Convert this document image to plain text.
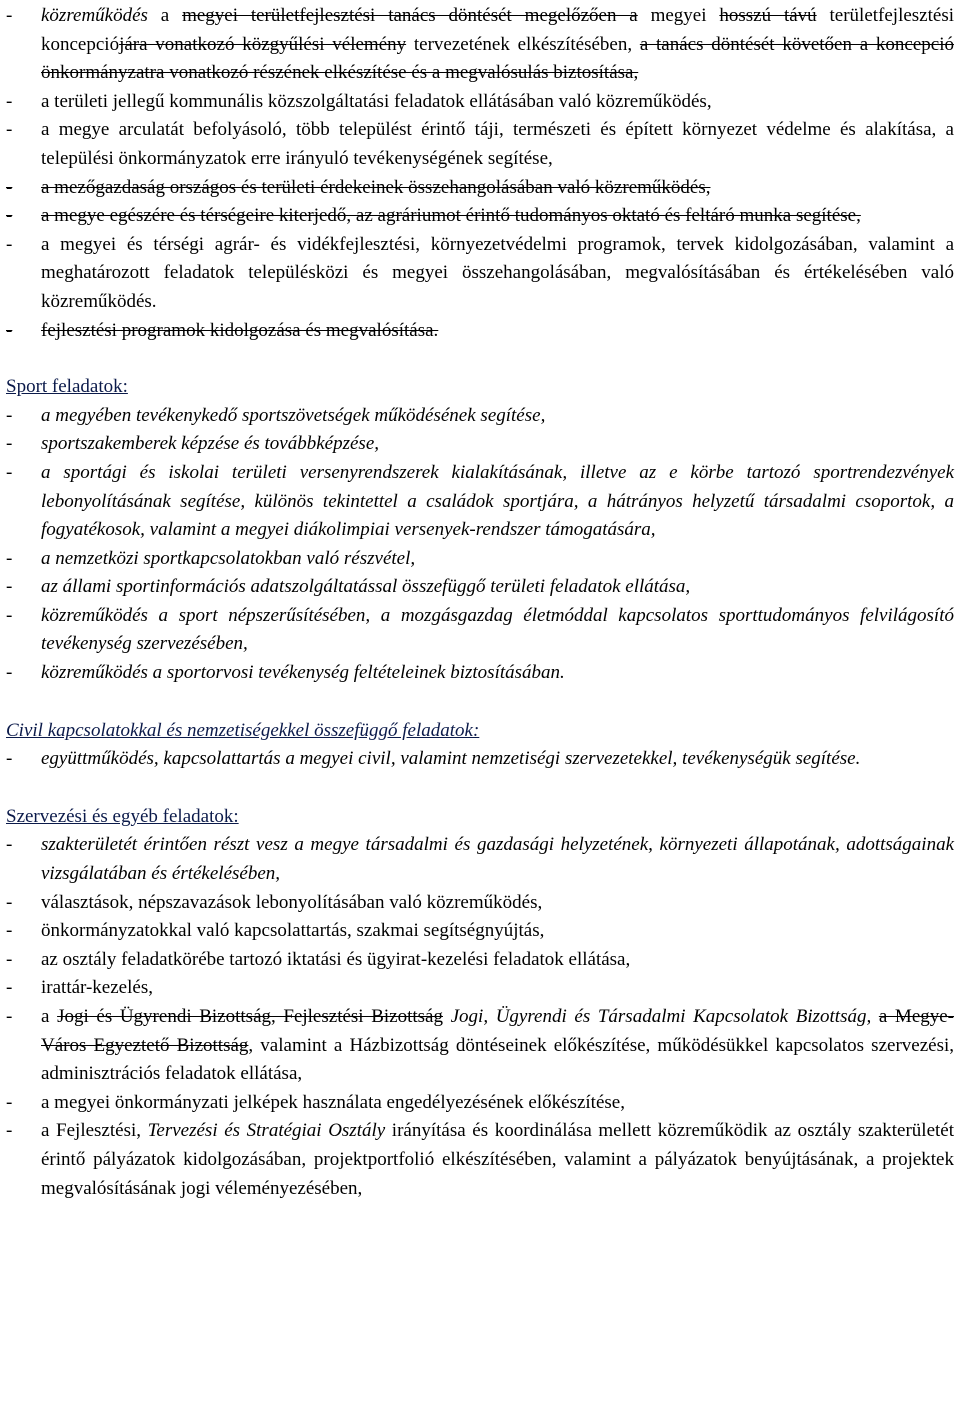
- közreműködés a megyei területfejlesztési tanács döntését megelőzően a megyei hosszú távú területfejlesztési koncepciójára vonatkozó közgyűlési vélemény tervezetének elkészítésében, a tanács döntését követően a koncepció önkormányzatra vonatkozó részének elkészítése és a megvalósulás biztosítása,

- a területi jellegű kommunális közszolgáltatási feladatok ellátásában való közreműködés,

- a megye arculatát befolyásoló, több települést érintő táji, természeti és épített környezet védelme és alakítása, a települési önkormányzatok erre irányuló tevékenységének segítése,

- a mezőgazdaság országos és területi érdekeinek összehangolásában való közreműködés,

- a megye egészére és térségeire kiterjedő, az agráriumot érintő tudományos oktató és feltáró munka segítése,

- a megyei és térségi agrár- és vidékfejlesztési, környezetvédelmi programok, tervek kidolgozásában, valamint a meghatározott feladatok településközi és megyei összehangolásában, megvalósításában és értékelésében való közreműködés.

- fejlesztési programok kidolgozása és megvalósítása.

Sport feladatok:

- a megyében tevékenykedő sportszövetségek működésének segítése,

- sportszakemberek képzése és továbbképzése,

- a sportági és iskolai területi versenyrendszerek kialakításának, illetve az e körbe tartozó sportrendezvények lebonyolításának segítése, különös tekintettel a családok sportjára, a hátrányos helyzetű társadalmi csoportok, a fogyatékosok, valamint a megyei diákolimpiai versenyek-rendszer támogatására,

- a nemzetközi sportkapcsolatokban való részvétel,

- az állami sportinformációs adatszolgáltatással összefüggő területi feladatok ellátása,

- közreműködés a sport népszerűsítésében, a mozgásgazdag életmóddal kapcsolatos sporttudományos felvilágosító tevékenység szervezésében,

- közreműködés a sportorvosi tevékenység feltételeinek biztosításában.

Civil kapcsolatokkal és nemzetiségekkel összefüggő feladatok:

- együttműködés, kapcsolattartás a megyei civil, valamint nemzetiségi szervezetekkel, tevékenységük segítése.

Szervezési és egyéb feladatok:

- szakterületét érintően részt vesz a megye társadalmi és gazdasági helyzetének, környezeti állapotának, adottságainak vizsgálatában és értékelésében,

- választások, népszavazások lebonyolításában való közreműködés,

- önkormányzatokkal való kapcsolattartás, szakmai segítségnyújtás,

- az osztály feladatkörébe tartozó iktatási és ügyirat-kezelési feladatok ellátása,

- irattár-kezelés,

- a Jogi és Ügyrendi Bizottság, Fejlesztési Bizottság Jogi, Ügyrendi és Társadalmi Kapcsolatok Bizottság, a Megye-Város Egyeztető Bizottság, valamint a Házbizottság döntéseinek előkészítése, működésükkel kapcsolatos szervezési, adminisztrációs feladatok ellátása,

- a megyei önkormányzati jelképek használata engedélyezésének előkészítése,

- a Fejlesztési, Tervezési és Stratégiai Osztály irányítása és koordinálása mellett közreműködik az osztály szakterületét érintő pályázatok kidolgozásában, projektportfolió elkészítésében, valamint a pályázatok benyújtásának, a projektek megvalósításának jogi véleményezésében,
